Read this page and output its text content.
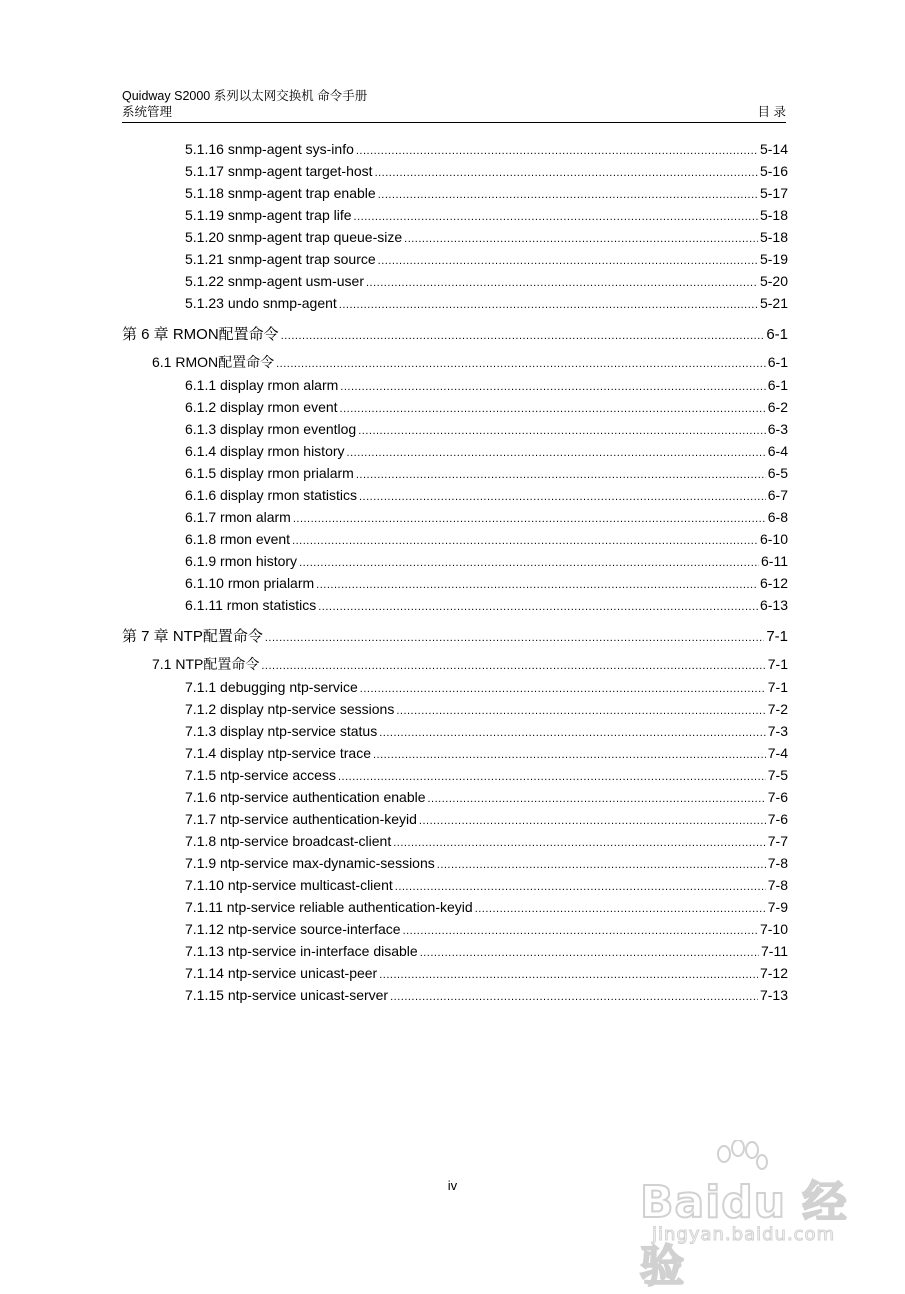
Quidway S2000 系列以太网交换机 命令手册
系统管理	目 录
5.1.16 snmp-agent sys-info .....	5-14
5.1.17 snmp-agent target-host .....	5-16
5.1.18 snmp-agent trap enable .....	5-17
5.1.19 snmp-agent trap life .....	5-18
5.1.20 snmp-agent trap queue-size .....	5-18
5.1.21 snmp-agent trap source .....	5-19
5.1.22 snmp-agent usm-user .....	5-20
5.1.23 undo snmp-agent .....	5-21
第 6 章 RMON配置命令 .....	6-1
6.1 RMON配置命令 .....	6-1
6.1.1 display rmon alarm .....	6-1
6.1.2 display rmon event .....	6-2
6.1.3 display rmon eventlog .....	6-3
6.1.4 display rmon history .....	6-4
6.1.5 display rmon prialarm .....	6-5
6.1.6 display rmon statistics .....	6-7
6.1.7 rmon alarm .....	6-8
6.1.8 rmon event .....	6-10
6.1.9 rmon history .....	6-11
6.1.10 rmon prialarm .....	6-12
6.1.11 rmon statistics .....	6-13
第 7 章 NTP配置命令 .....	7-1
7.1 NTP配置命令 .....	7-1
7.1.1 debugging ntp-service .....	7-1
7.1.2 display ntp-service sessions .....	7-2
7.1.3 display ntp-service status .....	7-3
7.1.4 display ntp-service trace .....	7-4
7.1.5 ntp-service access .....	7-5
7.1.6 ntp-service authentication enable .....	7-6
7.1.7 ntp-service authentication-keyid .....	7-6
7.1.8 ntp-service broadcast-client .....	7-7
7.1.9 ntp-service max-dynamic-sessions .....	7-8
7.1.10 ntp-service multicast-client .....	7-8
7.1.11 ntp-service reliable authentication-keyid .....	7-9
7.1.12 ntp-service source-interface .....	7-10
7.1.13 ntp-service in-interface disable .....	7-11
7.1.14 ntp-service unicast-peer .....	7-12
7.1.15 ntp-service unicast-server .....	7-13
iv	Baidu 经验
jingyan.baidu.com
